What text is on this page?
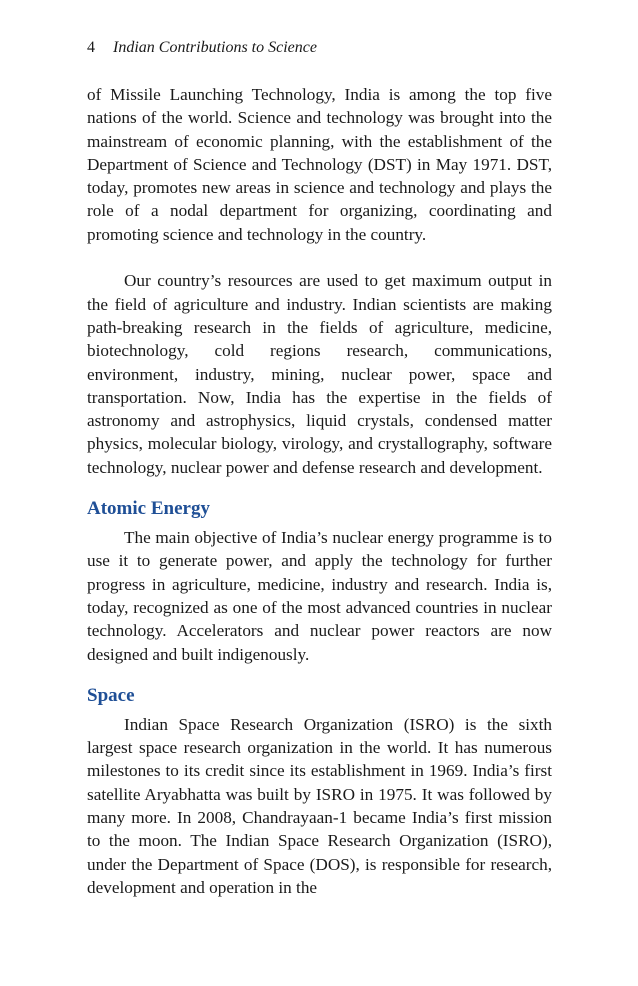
4 Indian Contributions to Science

of Missile Launching Technology, India is among the top five nations of the world. Science and technology was brought into the mainstream of economic planning, with the establishment of the Department of Science and Technology (DST) in May 1971. DST, today, promotes new areas in science and technology and plays the role of a nodal department for organizing, coordinating and promoting science and technology in the country.

Our country’s resources are used to get maximum output in the field of agriculture and industry. Indian scientists are making path-breaking research in the fields of agriculture, medicine, biotechnology, cold regions research, communications, environment, industry, mining, nuclear power, space and transportation. Now, India has the expertise in the fields of astronomy and astrophysics, liquid crystals, condensed matter physics, molecular biology, virology, and crystallography, software technology, nuclear power and defense research and development.

Atomic Energy

The main objective of India’s nuclear energy programme is to use it to generate power, and apply the technology for further progress in agriculture, medicine, industry and research. India is, today, recognized as one of the most advanced countries in nuclear technology. Accelerators and nuclear power reactors are now designed and built indigenously.

Space

Indian Space Research Organization (ISRO) is the sixth largest space research organization in the world. It has numerous milestones to its credit since its establishment in 1969. India’s first satellite Aryabhatta was built by ISRO in 1975. It was followed by many more. In 2008, Chandrayaan-1 became India’s first mission to the moon. The Indian Space Research Organization (ISRO), under the Department of Space (DOS), is responsible for research, development and operation in the
